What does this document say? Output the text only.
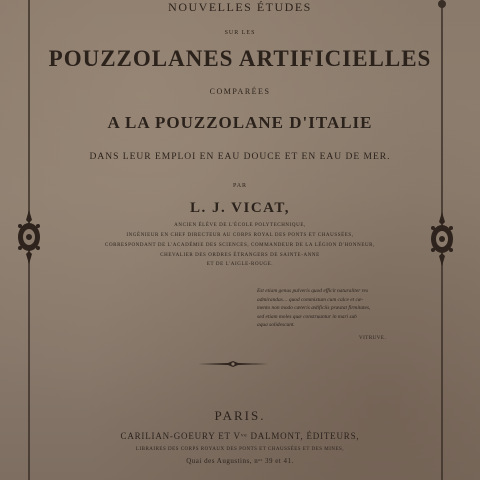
NOUVELLES ÉTUDES
SUR LES
POUZZOLANES ARTIFICIELLES
COMPARÉES
A LA POUZZOLANE D'ITALIE
DANS LEUR EMPLOI EN EAU DOUCE ET EN EAU DE MER.
PAR
L. J. VICAT,
ANCIEN ÉLÈVE DE L'ÉCOLE POLYTECHNIQUE,
INGÉNIEUR EN CHEF DIRECTEUR AU CORPS ROYAL DES PONTS ET CHAUSSÉES,
CORRESPONDANT DE L'ACADÉMIE DES SCIENCES, COMMANDEUR DE LA LÉGION D'HONNEUR,
CHEVALIER DES ORDRES ÉTRANGERS DE SAINTE-ANNE
ET DE L'AIGLE-ROUGE.
Est etiam genus pulveris quod efficit naturaliter res
admirandas… quod commixtum cum calce et cæ-
mento non modo cæteris ædificiis præstat firmitates,
sed etiam moles quæ construuntur in mari sub
aqua solidescunt.
VITRUVE.
PARIS.
CARILIAN-GOEURY ET Vᵛᵉ DALMONT, ÉDITEURS,
LIBRAIRES DES CORPS ROYAUX DES PONTS ET CHAUSSÉES ET DES MINES,
Quai des Augustins, nᵒˢ 39 et 41.
